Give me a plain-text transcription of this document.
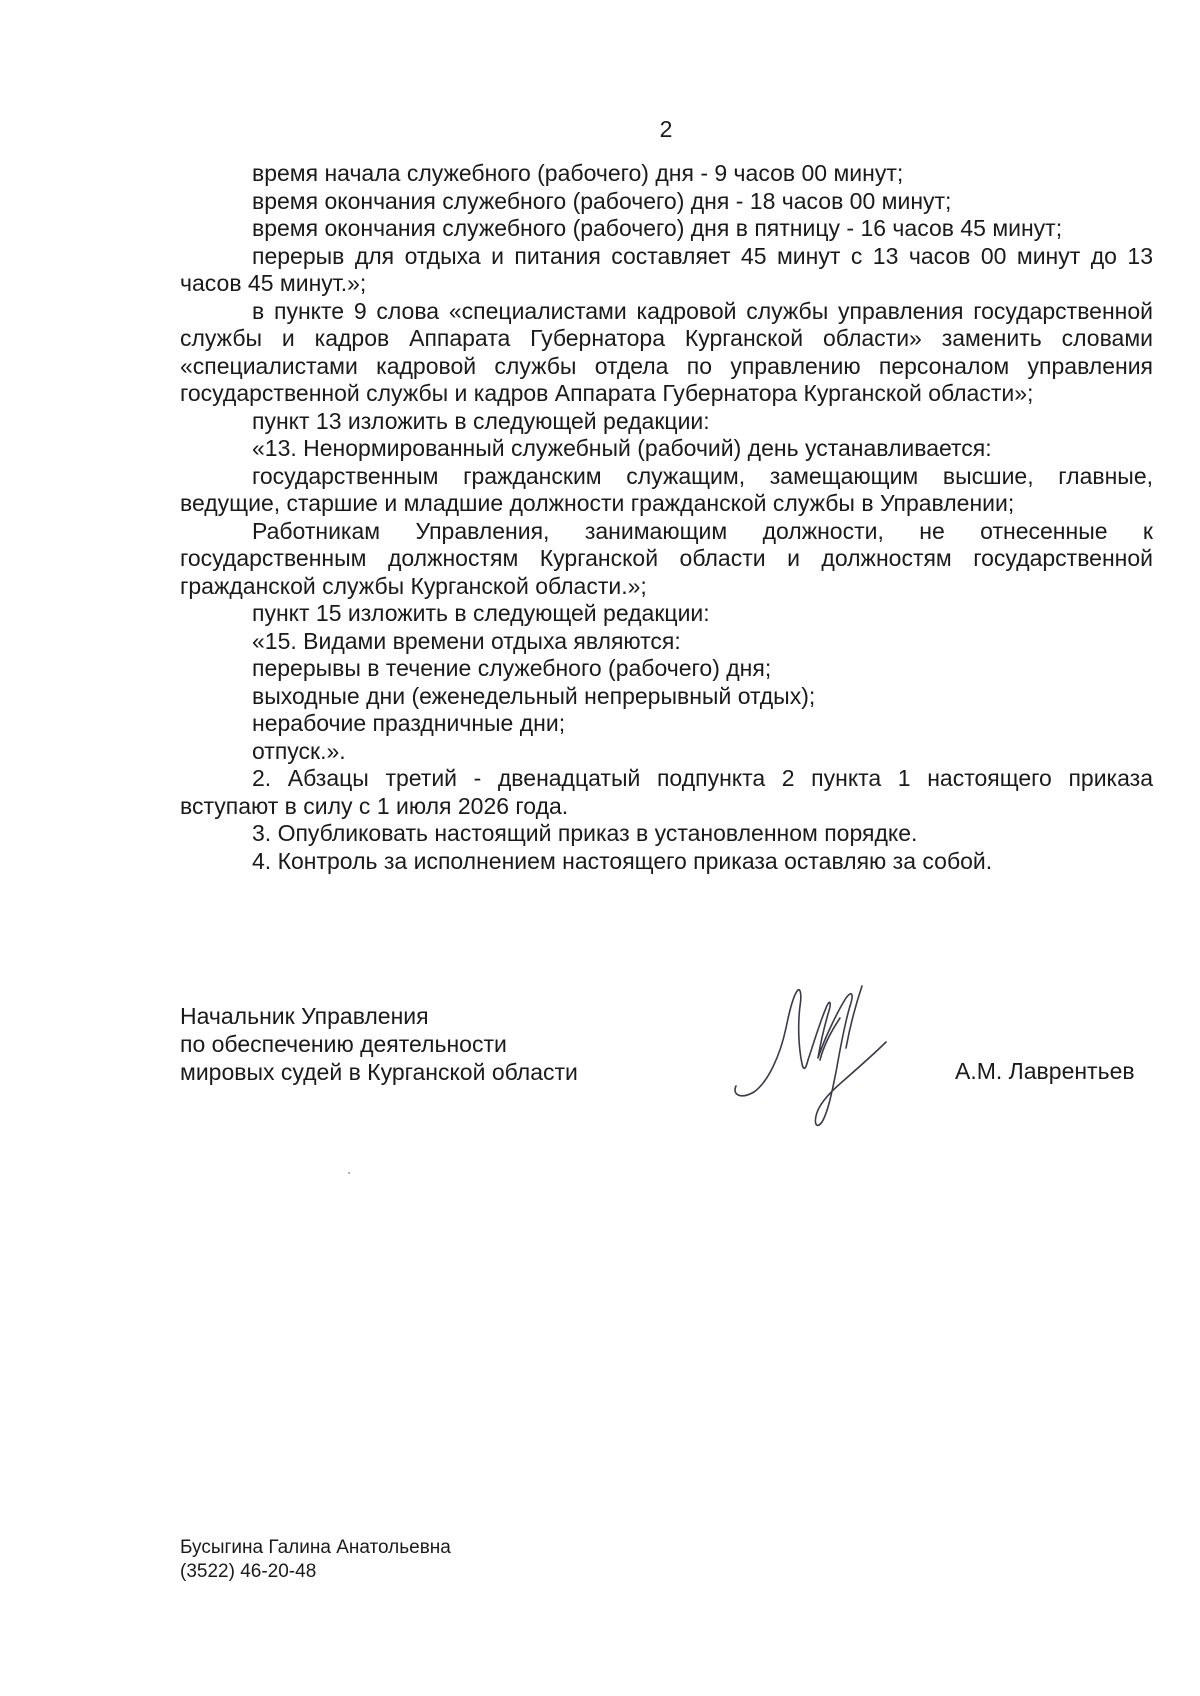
2

время начала служебного (рабочего) дня - 9 часов 00 минут;

время окончания служебного (рабочего) дня - 18 часов 00 минут;

время окончания служебного (рабочего) дня в пятницу - 16 часов 45 минут;

перерыв для отдыха и питания составляет 45 минут с 13 часов 00 минут до 13 часов 45 минут.»;

в пункте 9 слова «специалистами кадровой службы управления государственной службы и кадров Аппарата Губернатора Курганской области» заменить словами «специалистами кадровой службы отдела по управлению персоналом управления государственной службы и кадров Аппарата Губернатора Курганской области»;

пункт 13 изложить в следующей редакции:

«13. Ненормированный служебный (рабочий) день устанавливается:

государственным гражданским служащим, замещающим высшие, главные, ведущие, старшие и младшие должности гражданской службы в Управлении;

Работникам Управления, занимающим должности, не отнесенные к государственным должностям Курганской области и должностям государственной гражданской службы Курганской области.»;

пункт 15 изложить в следующей редакции:

«15. Видами времени отдыха являются:

перерывы в течение служебного (рабочего) дня;

выходные дни (еженедельный непрерывный отдых);

нерабочие праздничные дни;

отпуск.».

2. Абзацы третий - двенадцатый подпункта 2 пункта 1 настоящего приказа вступают в силу с 1 июля 2026 года.

3. Опубликовать настоящий приказ в установленном порядке.

4. Контроль за исполнением настоящего приказа оставляю за собой.

Начальник Управления

по обеспечению деятельности

мировых судей в Курганской области	А.М. Лаврентьев

Бусыгина Галина Анатольевна

(3522) 46-20-48
